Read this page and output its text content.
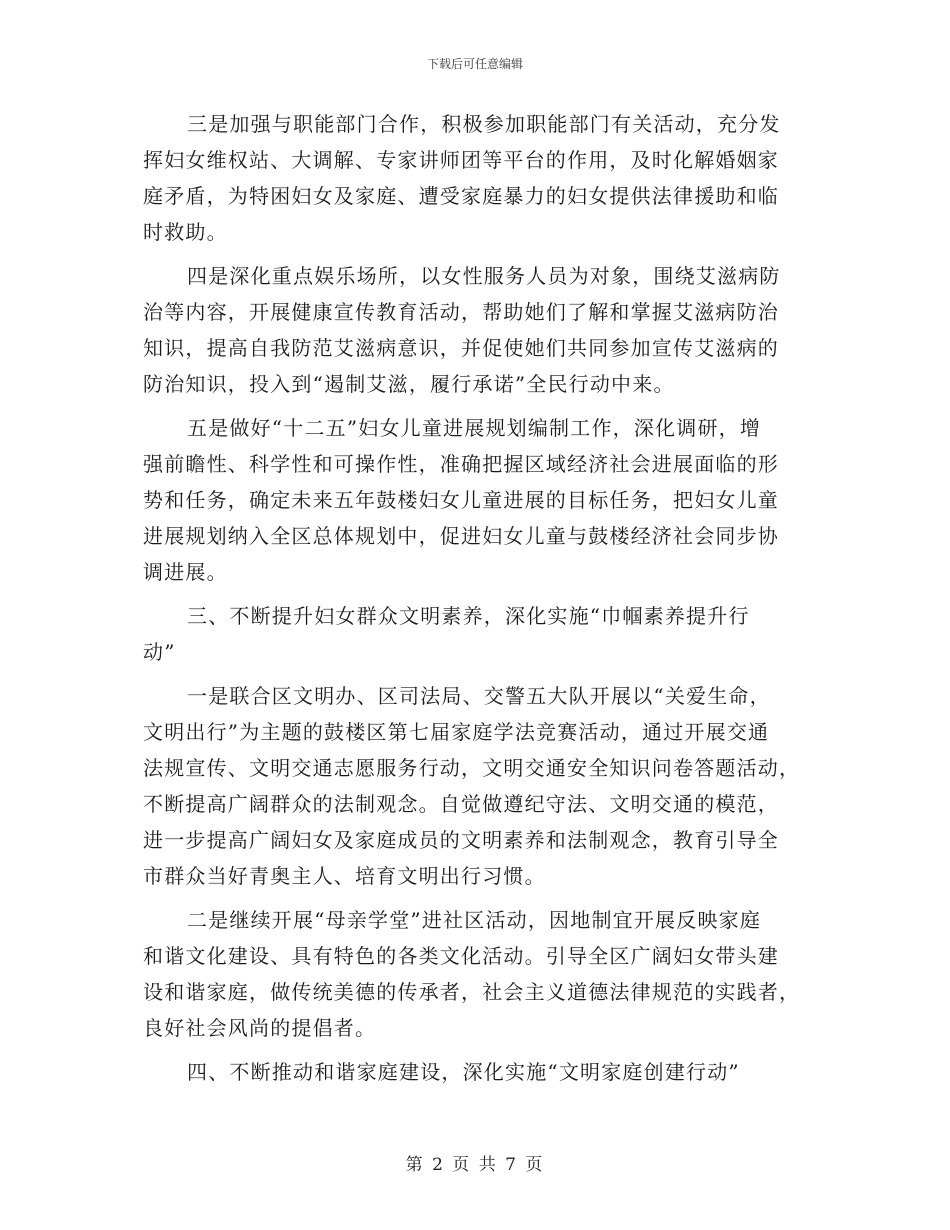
下载后可任意编辑
三是加强与职能部门合作，积极参加职能部门有关活动，充分发
挥妇女维权站、大调解、专家讲师团等平台的作用，及时化解婚姻家
庭矛盾，为特困妇女及家庭、遭受家庭暴力的妇女提供法律援助和临
时救助。
四是深化重点娱乐场所，以女性服务人员为对象，围绕艾滋病防
治等内容，开展健康宣传教育活动，帮助她们了解和掌握艾滋病防治
知识，提高自我防范艾滋病意识，并促使她们共同参加宣传艾滋病的
防治知识，投入到“遏制艾滋，履行承诺”全民行动中来。
五是做好“十二五”妇女儿童进展规划编制工作，深化调研，增
强前瞻性、科学性和可操作性，准确把握区域经济社会进展面临的形
势和任务，确定未来五年鼓楼妇女儿童进展的目标任务，把妇女儿童
进展规划纳入全区总体规划中，促进妇女儿童与鼓楼经济社会同步协
调进展。
三、不断提升妇女群众文明素养，深化实施“巾帼素养提升行
动”
一是联合区文明办、区司法局、交警五大队开展以“关爱生命，
文明出行”为主题的鼓楼区第七届家庭学法竞赛活动，通过开展交通
法规宣传、文明交通志愿服务行动，文明交通安全知识问卷答题活动，
不断提高广阔群众的法制观念。自觉做遵纪守法、文明交通的模范，
进一步提高广阔妇女及家庭成员的文明素养和法制观念，教育引导全
市群众当好青奥主人、培育文明出行习惯。
二是继续开展“母亲学堂”进社区活动，因地制宜开展反映家庭
和谐文化建设、具有特色的各类文化活动。引导全区广阔妇女带头建
设和谐家庭，做传统美德的传承者，社会主义道德法律规范的实践者，
良好社会风尚的提倡者。
四、不断推动和谐家庭建设，深化实施“文明家庭创建行动”
第 2 页 共 7 页
